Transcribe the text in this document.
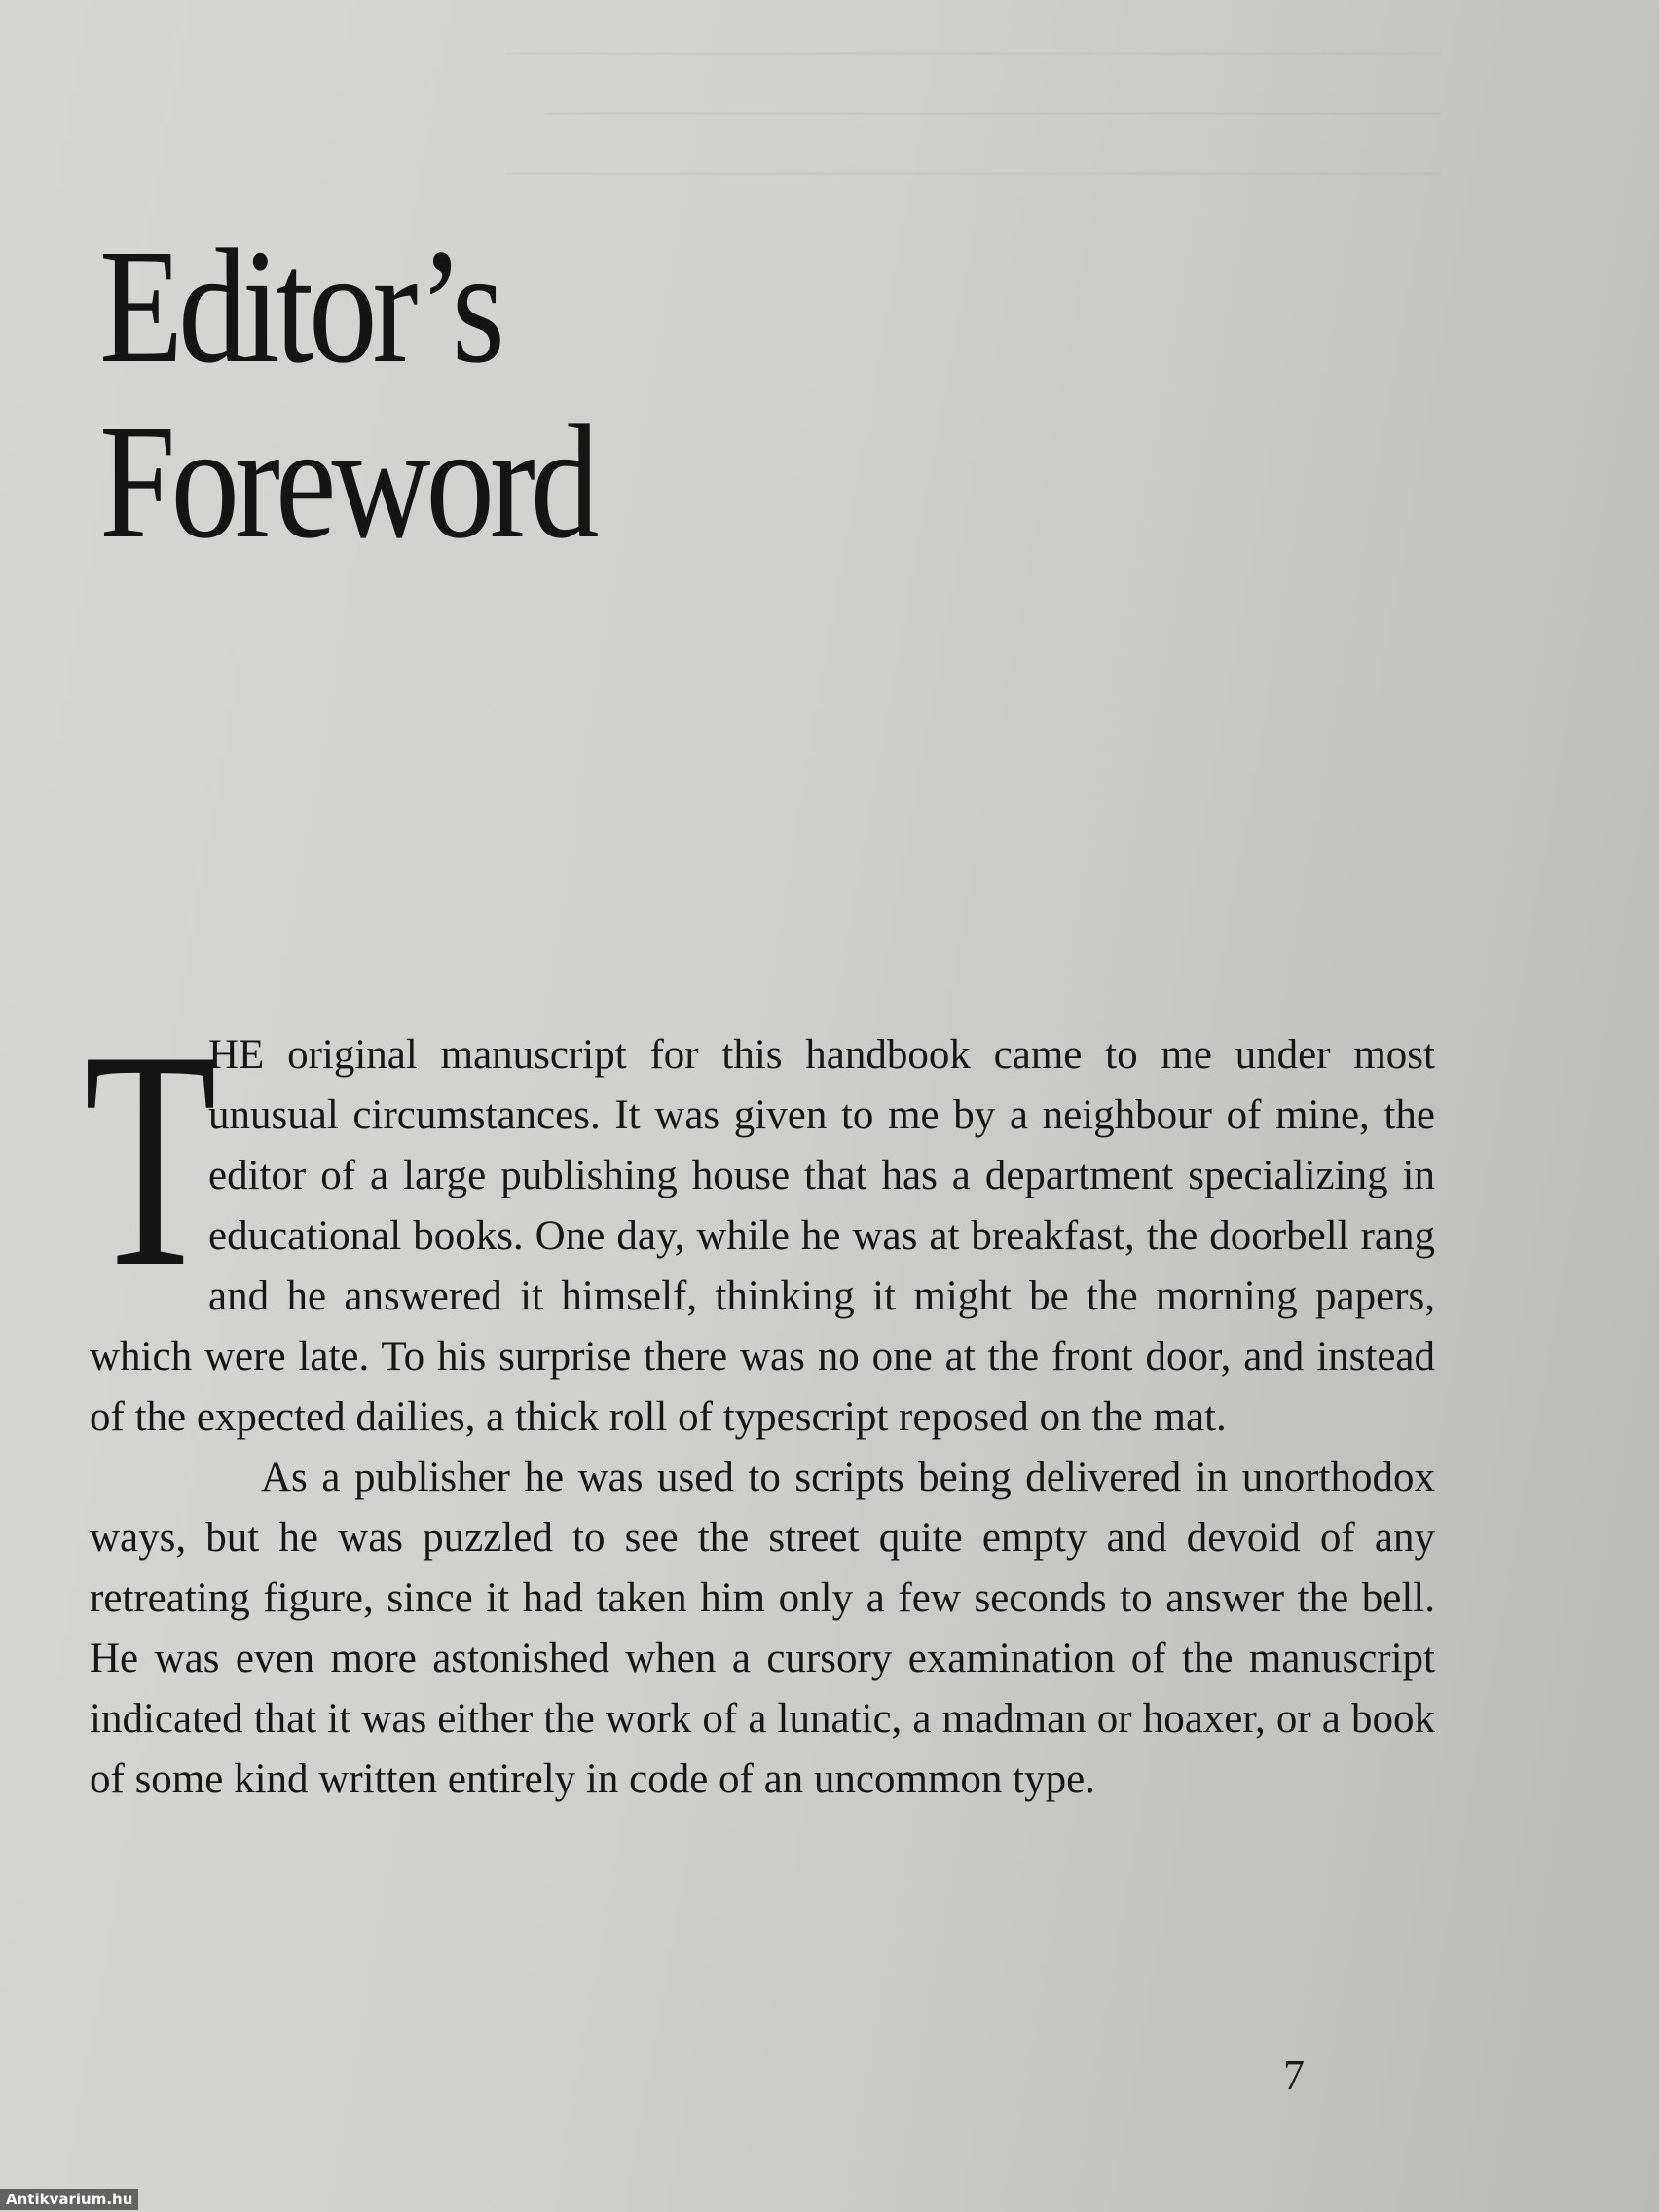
————————————————————————
———————————————————————
————————————————————————
Editor’s
Foreword

T
HE original manuscript for this handbook came to me under most unusual circumstances. It was given to me by a neighbour of mine, the editor of a large publishing house that has a department specializing in educational books. One day, while he was at breakfast, the doorbell rang and he answered it himself, thinking it might be the morning papers, which were late. To his surprise there was no one at the front door, and instead of the expected dailies, a thick roll of typescript reposed on the mat.

As a publisher he was used to scripts being delivered in unorthodox ways, but he was puzzled to see the street quite empty and devoid of any retreating figure, since it had taken him only a few seconds to answer the bell. He was even more astonished when a cursory examination of the manuscript indicated that it was either the work of a lunatic, a madman or hoaxer, or a book of some kind written entirely in code of an uncommon type.

7
Antikvarium.hu
